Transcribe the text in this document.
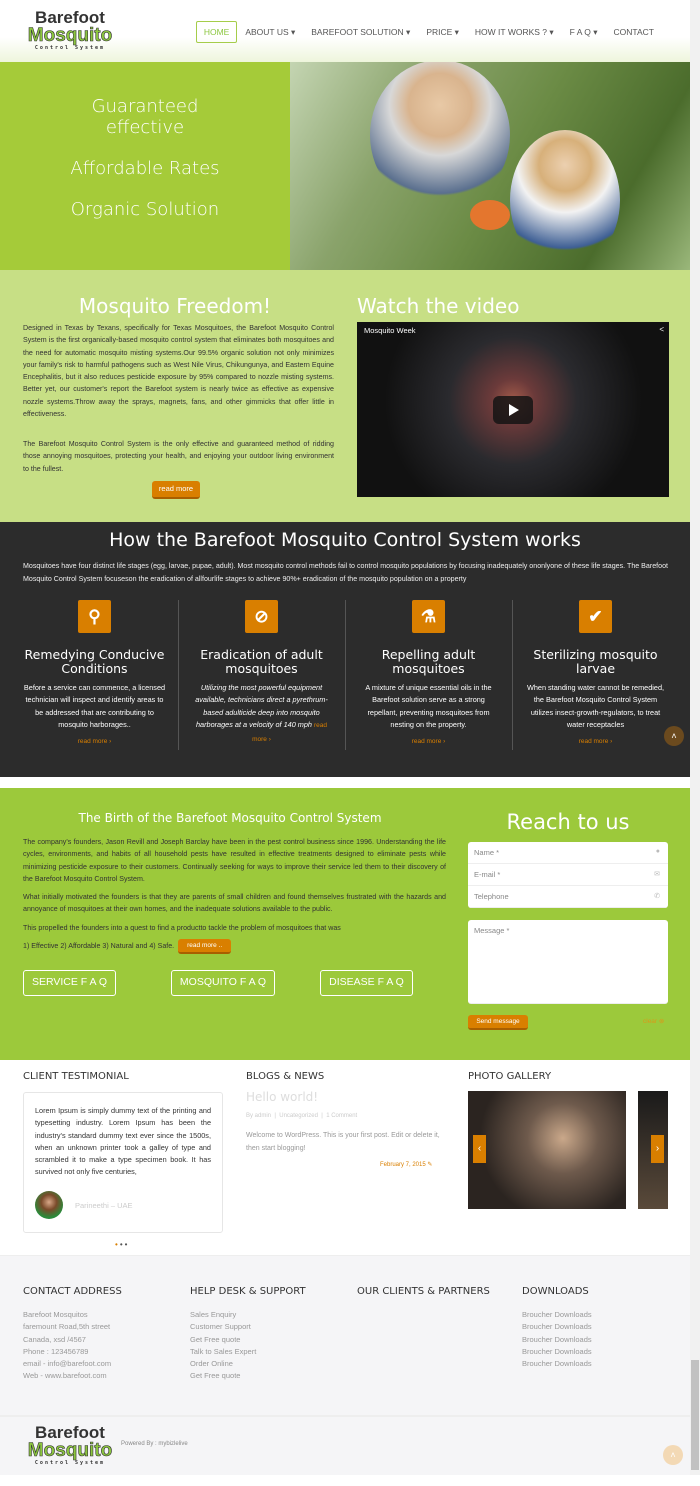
Barefoot
Mosquito
Control System
HOME	ABOUT US ▾	BAREFOOT SOLUTION ▾	PRICE ▾	HOW IT WORKS ? ▾	F A Q ▾	CONTACT
Guaranteed effective
Affordable Rates
Organic Solution
Mosquito Freedom!

Designed in Texas by Texans, specifically for Texas Mosquitoes, the Barefoot Mosquito Control System is the first organically-based mosquito control system that eliminates both mosquitoes and the need for automatic mosquito misting systems.Our 99.5% organic solution not only minimizes your family's risk to harmful pathogens such as West Nile Virus, Chikungunya, and Eastern Equine Encephalitis, but it also reduces pesticide exposure by 95% compared to nozzle misting systems. Better yet, our customer's report the Barefoot system is nearly twice as effective as expensive nozzle systems.Throw away the sprays, magnets, fans, and other gimmicks that offer little in effectiveness.

The Barefoot Mosquito Control System is the only effective and guaranteed method of ridding those annoying mosquitoes, protecting your health, and enjoying your outdoor living environment to the fullest.

read more
Watch the video
Mosquito Week	<
How the Barefoot Mosquito Control System works

Mosquitoes have four distinct life stages (egg, larvae, pupae, adult). Most mosquito control methods fail to control mosquito populations by focusing inadequately ononlyone of these life stages. The Barefoot Mosquito Control System focuseson the eradication of allfourlife stages to achieve 90%+ eradication of the mosquito population on a property

⚲
Remedying Conducive Conditions

Before a service can commence, a licensed technician will inspect and identify areas to be addressed that are contributing to mosquito harborages..

read more ›
⊘
Eradication of adult mosquitoes

Utilizing the most powerful equipment available, technicians direct a pyrethrum-based adulticide deep into mosquito harborages at a velocity of 140 mph read more ›

⚗
Repelling adult mosquitoes

A mixture of unique essential oils in the Barefoot solution serve as a strong repellant, preventing mosquitoes from nesting on the property.

read more ›
✔
Sterilizing mosquito larvae

When standing water cannot be remedied, the Barefoot Mosquito Control System utilizes insect-growth-regulators, to treat water receptacles

read more ›
˄
The Birth of the Barefoot Mosquito Control System

The company's founders, Jason Revill and Joseph Barclay have been in the pest control business since 1996. Understanding the life cycles, environments, and habits of all household pests have resulted in effective treatments designed to eliminate pests while minimizing pesticide exposure to their customers. Continually seeking for ways to improve their service led them to their discovery of the Barefoot Mosquito Control System.

What initially motivated the founders is that they are parents of small children and found themselves frustrated with the hazards and annoyance of mosquitoes at their own homes, and the inadequate solutions available to the public.

This propelled the founders into a quest to find a productto tackle the problem of mosquitoes that was

1) Effective 2) Affordable 3) Natural and 4) Safe.	read more ..
Reach to us
Name *	●
E-mail *	✉
Telephone	✆
Message *
Send message	clear ⊗
SERVICE F A Q	MOSQUITO F A Q	DISEASE F A Q
CLIENT TESTIMONIAL

Lorem Ipsum is simply dummy text of the printing and typesetting industry. Lorem Ipsum has been the industry's standard dummy text ever since the 1500s, when an unknown printer took a galley of type and scrambled it to make a type specimen book. It has survived not only five centuries,

Parineethi – UAE
•••
BLOGS & NEWS
Hello world!
By admin  |  Uncategorized  |  1 Comment

Welcome to WordPress. This is your first post. Edit or delete it, then start blogging!

February 7, 2015 ✎
PHOTO GALLERY
‹	›
CONTACT ADDRESS
Barefoot Mosquitos
faremount Road,5th street
Canada, xsd /4567
Phone : 123456789
email - info@barefoot.com
Web - www.barefoot.com
HELP DESK & SUPPORT
Sales Enquiry
Customer Support
Get Free quote
Talk to Sales Expert
Order Online
Get Free quote
OUR CLIENTS & PARTNERS	DOWNLOADS
Broucher Downloads
Broucher Downloads
Broucher Downloads
Broucher Downloads
Broucher Downloads
Barefoot
Mosquito
Control System
Powered By : mybizlelive
˄
